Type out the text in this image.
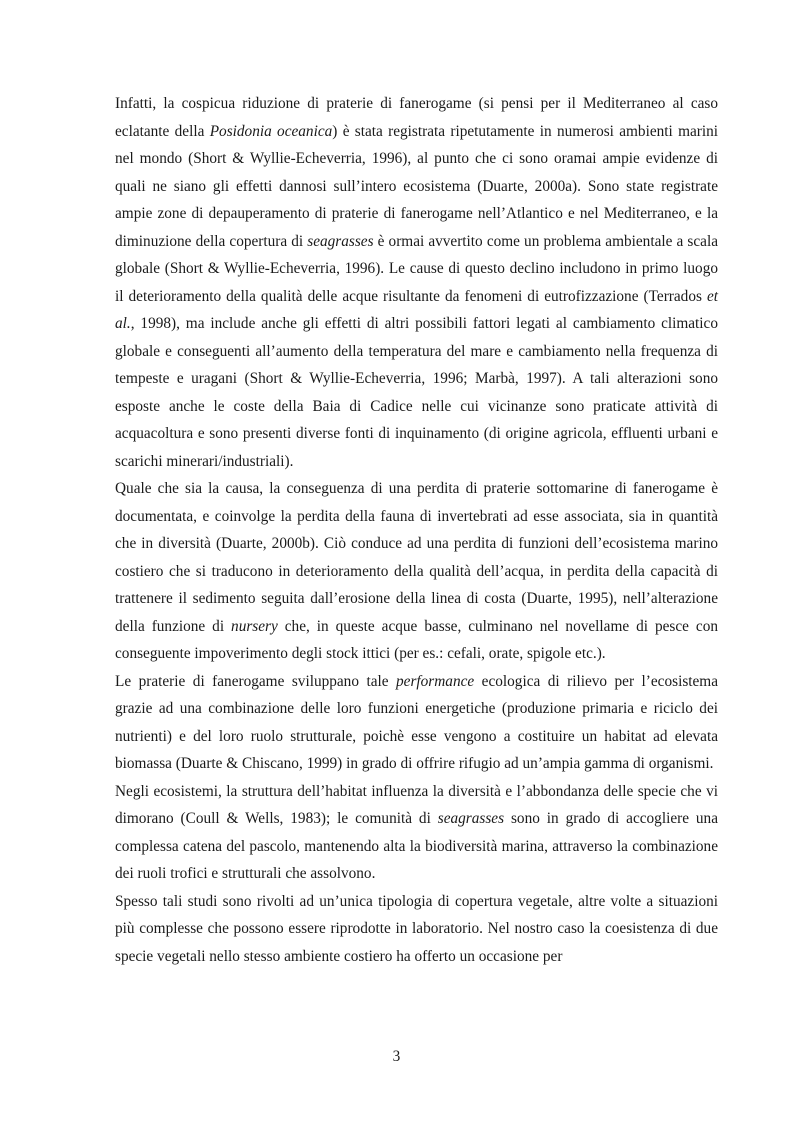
Infatti, la cospicua riduzione di praterie di fanerogame (si pensi per il Mediterraneo al caso eclatante della Posidonia oceanica) è stata registrata ripetutamente in numerosi ambienti marini nel mondo (Short & Wyllie-Echeverria, 1996), al punto che ci sono oramai ampie evidenze di quali ne siano gli effetti dannosi sull’intero ecosistema (Duarte, 2000a). Sono state registrate ampie zone di depauperamento di praterie di fanerogame nell’Atlantico e nel Mediterraneo, e la diminuzione della copertura di seagrasses è ormai avvertito come un problema ambientale a scala globale (Short & Wyllie-Echeverria, 1996). Le cause di questo declino includono in primo luogo il deterioramento della qualità delle acque risultante da fenomeni di eutrofizzazione (Terrados et al., 1998), ma include anche gli effetti di altri possibili fattori legati al cambiamento climatico globale e conseguenti all’aumento della temperatura del mare e cambiamento nella frequenza di tempeste e uragani (Short & Wyllie-Echeverria, 1996; Marbà, 1997). A tali alterazioni sono esposte anche le coste della Baia di Cadice nelle cui vicinanze sono praticate attività di acquacoltura e sono presenti diverse fonti di inquinamento (di origine agricola, effluenti urbani e scarichi minerari/industriali).

Quale che sia la causa, la conseguenza di una perdita di praterie sottomarine di fanerogame è documentata, e coinvolge la perdita della fauna di invertebrati ad esse associata, sia in quantità che in diversità (Duarte, 2000b). Ciò conduce ad una perdita di funzioni dell’ecosistema marino costiero che si traducono in deterioramento della qualità dell’acqua, in perdita della capacità di trattenere il sedimento seguita dall’erosione della linea di costa (Duarte, 1995), nell’alterazione della funzione di nursery che, in queste acque basse, culminano nel novellame di pesce con conseguente impoverimento degli stock ittici (per es.: cefali, orate, spigole etc.).

Le praterie di fanerogame sviluppano tale performance ecologica di rilievo per l’ecosistema grazie ad una combinazione delle loro funzioni energetiche (produzione primaria e riciclo dei nutrienti) e del loro ruolo strutturale, poichè esse vengono a costituire un habitat ad elevata biomassa (Duarte & Chiscano, 1999) in grado di offrire rifugio ad un’ampia gamma di organismi.

Negli ecosistemi, la struttura dell’habitat influenza la diversità e l’abbondanza delle specie che vi dimorano (Coull & Wells, 1983); le comunità di seagrasses sono in grado di accogliere una complessa catena del pascolo, mantenendo alta la biodiversità marina, attraverso la combinazione dei ruoli trofici e strutturali che assolvono.

Spesso tali studi sono rivolti ad un’unica tipologia di copertura vegetale, altre volte a situazioni più complesse che possono essere riprodotte in laboratorio. Nel nostro caso la coesistenza di due specie vegetali nello stesso ambiente costiero ha offerto un occasione per

3
